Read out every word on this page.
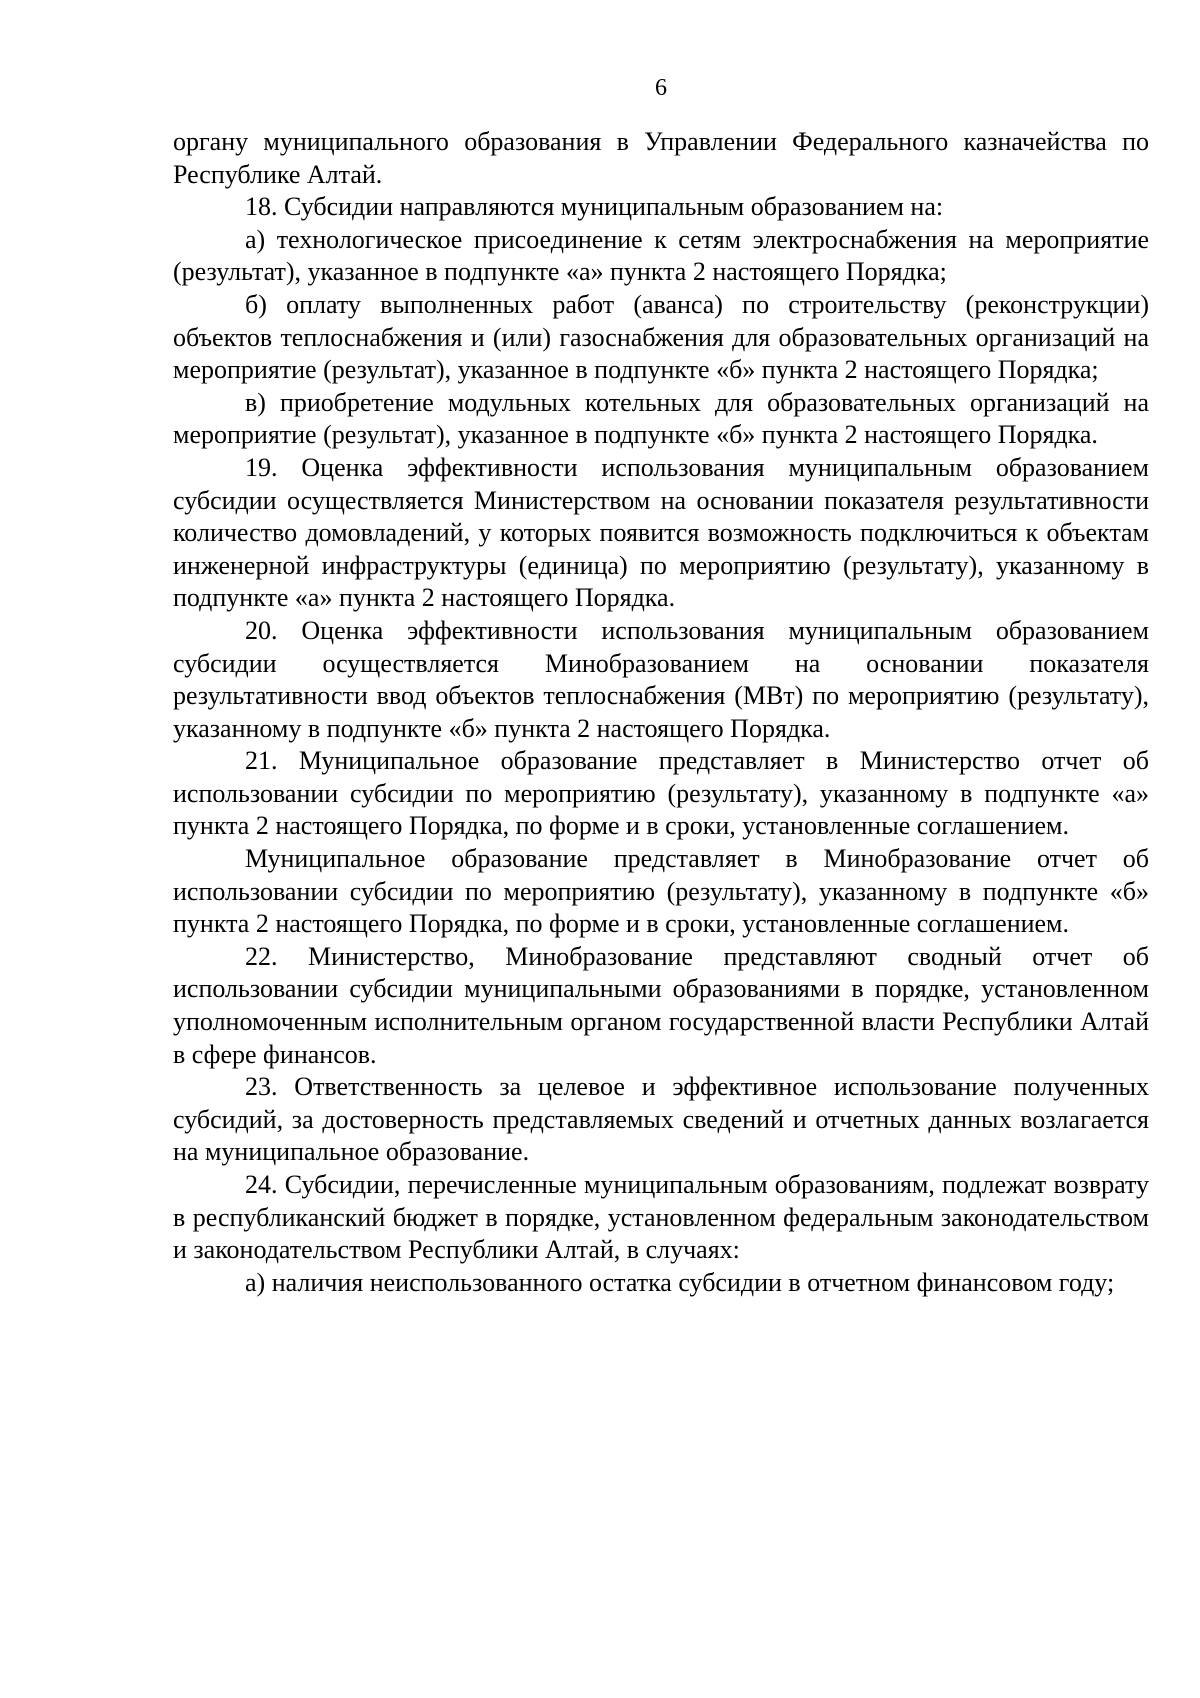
6

органу муниципального образования в Управлении Федерального казначейства по Республике Алтай.

18. Субсидии направляются муниципальным образованием на:

а) технологическое присоединение к сетям электроснабжения на мероприятие (результат), указанное в подпункте «а» пункта 2 настоящего Порядка;

б) оплату выполненных работ (аванса) по строительству (реконструкции) объектов теплоснабжения и (или) газоснабжения для образовательных организаций на мероприятие (результат), указанное в подпункте «б» пункта 2 настоящего Порядка;

в) приобретение модульных котельных для образовательных организаций на мероприятие (результат), указанное в подпункте «б» пункта 2 настоящего Порядка.

19. Оценка эффективности использования муниципальным образованием субсидии осуществляется Министерством на основании показателя результативности количество домовладений, у которых появится возможность подключиться к объектам инженерной инфраструктуры (единица) по мероприятию (результату), указанному в подпункте «а» пункта 2 настоящего Порядка.

20. Оценка эффективности использования муниципальным образованием субсидии осуществляется Минобразованием на основании показателя результативности ввод объектов теплоснабжения (МВт) по мероприятию (результату), указанному в подпункте «б» пункта 2 настоящего Порядка.

21. Муниципальное образование представляет в Министерство отчет об использовании субсидии по мероприятию (результату), указанному в подпункте «а» пункта 2 настоящего Порядка, по форме и в сроки, установленные соглашением.

Муниципальное образование представляет в Минобразование отчет об использовании субсидии по мероприятию (результату), указанному в подпункте «б» пункта 2 настоящего Порядка, по форме и в сроки, установленные соглашением.

22. Министерство, Минобразование представляют сводный отчет об использовании субсидии муниципальными образованиями в порядке, установленном уполномоченным исполнительным органом государственной власти Республики Алтай в сфере финансов.

23. Ответственность за целевое и эффективное использование полученных субсидий, за достоверность представляемых сведений и отчетных данных возлагается на муниципальное образование.

24. Субсидии, перечисленные муниципальным образованиям, подлежат возврату в республиканский бюджет в порядке, установленном федеральным законодательством и законодательством Республики Алтай, в случаях:

а) наличия неиспользованного остатка субсидии в отчетном финансовом году;
